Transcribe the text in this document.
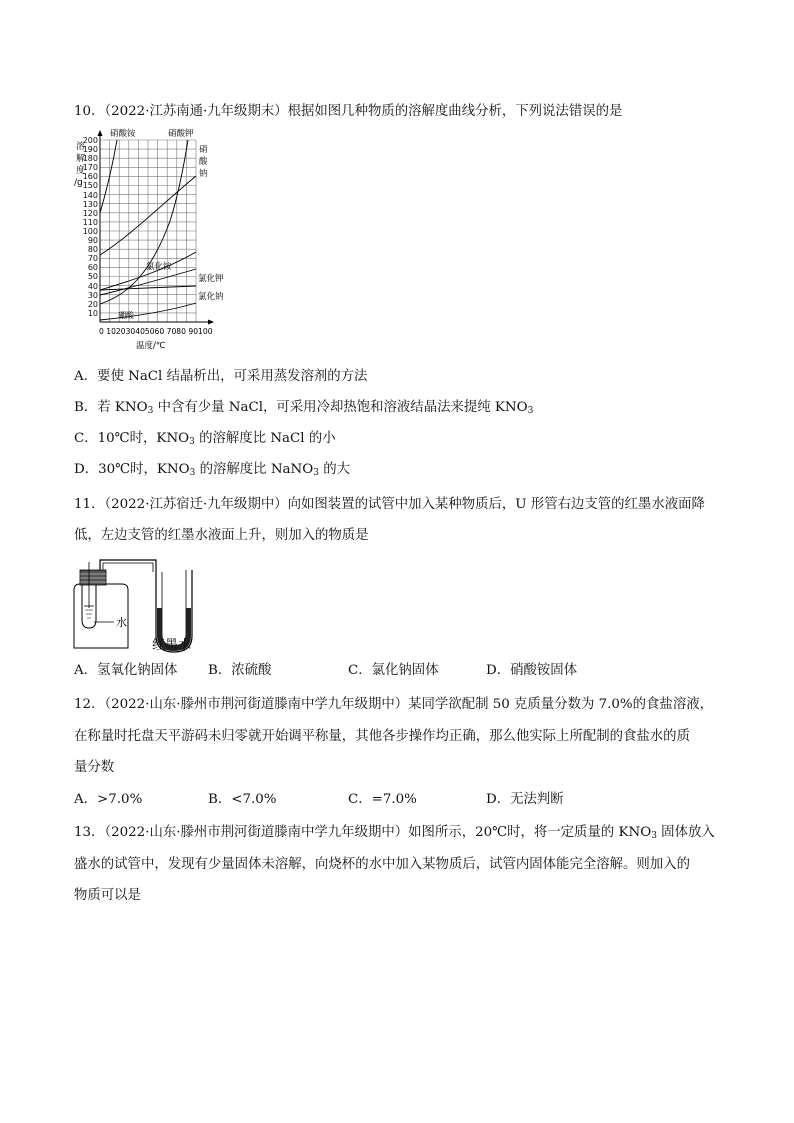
10．（2022·江苏南通·九年级期末）根据如图几种物质的溶解度曲线分析，下列说法错误的是
溶
解
度
/g
200
190
180
170
160
150
140
130
120
110
100
90
80
70
60
50
40
30
20
10
0 102030405060 7080 90100
温度/℃
硝酸铵	硝酸钾
硝
酸
钠
氯化铵
氯化钾
氯化钠
硼酸
A．要使 NaCl 结晶析出，可采用蒸发溶剂的方法
B．若 $KNO_3$ 中含有少量 NaCl，可采用冷却热饱和溶液结晶法来提纯 $KNO_3$
C．10℃时，$KNO_3$ 的溶解度比 NaCl 的小
D．30℃时，$KNO_3$ 的溶解度比 NaNO$_3$ 的大
11．（2022·江苏宿迁·九年级期中）向如图装置的试管中加入某种物质后，U 形管右边支管的红墨水液面降
低，左边支管的红墨水液面上升，则加入的物质是
水
红墨水
A．氢氧化钠固体 B．浓硫酸	C．氯化钠固体	D．硝酸铵固体
12．（2022·山东·滕州市荆河街道滕南中学九年级期中）某同学欲配制 50 克质量分数为 7.0%的食盐溶液，
在称量时托盘天平游码未归零就开始调平称量，其他各步操作均正确，那么他实际上所配制的食盐水的质
量分数
A．>7.0%	B．<7.0%	C．=7.0%	D．无法判断
13．（2022·山东·滕州市荆河街道滕南中学九年级期中）如图所示，20℃时，将一定质量的 $KNO_3$ 固体放入
盛水的试管中，发现有少量固体未溶解，向烧杯的水中加入某物质后，试管内固体能完全溶解。则加入的
物质可以是
